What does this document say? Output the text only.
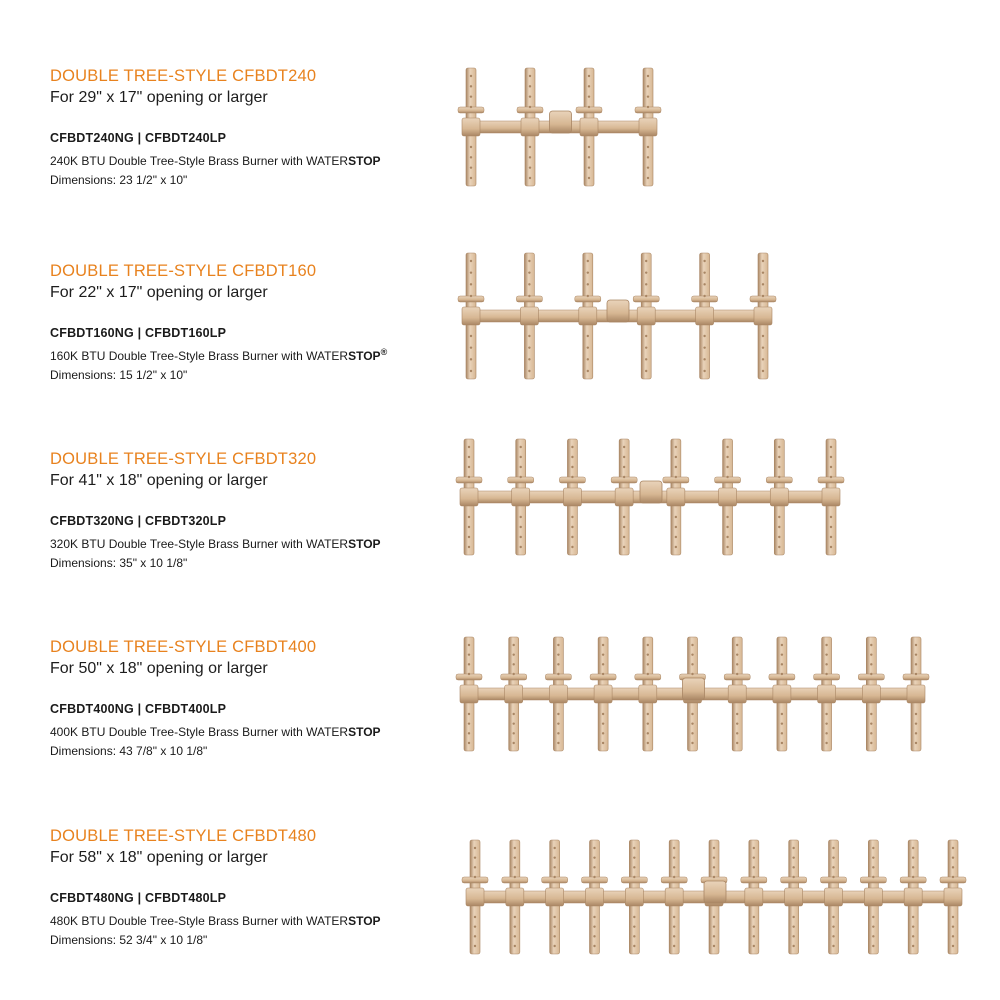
DOUBLE TREE-STYLE CFBDT240

For 29" x 17" opening or larger

CFBDT240NG | CFBDT240LP

240K BTU Double Tree-Style Brass Burner with WATERSTOP

Dimensions: 23 1/2" x 10"

DOUBLE TREE-STYLE CFBDT160

For 22" x 17" opening or larger

CFBDT160NG | CFBDT160LP

160K BTU Double Tree-Style Brass Burner with WATERSTOP®

Dimensions: 15 1/2" x 10"

DOUBLE TREE-STYLE CFBDT320

For 41" x 18" opening or larger

CFBDT320NG | CFBDT320LP

320K BTU Double Tree-Style Brass Burner with WATERSTOP

Dimensions: 35" x 10 1/8"

DOUBLE TREE-STYLE CFBDT400

For 50" x 18" opening or larger

CFBDT400NG | CFBDT400LP

400K BTU Double Tree-Style Brass Burner with WATERSTOP

Dimensions: 43 7/8" x 10 1/8"

DOUBLE TREE-STYLE CFBDT480

For 58" x 18" opening or larger

CFBDT480NG | CFBDT480LP

480K BTU Double Tree-Style Brass Burner with WATERSTOP

Dimensions: 52 3/4" x 10 1/8"
